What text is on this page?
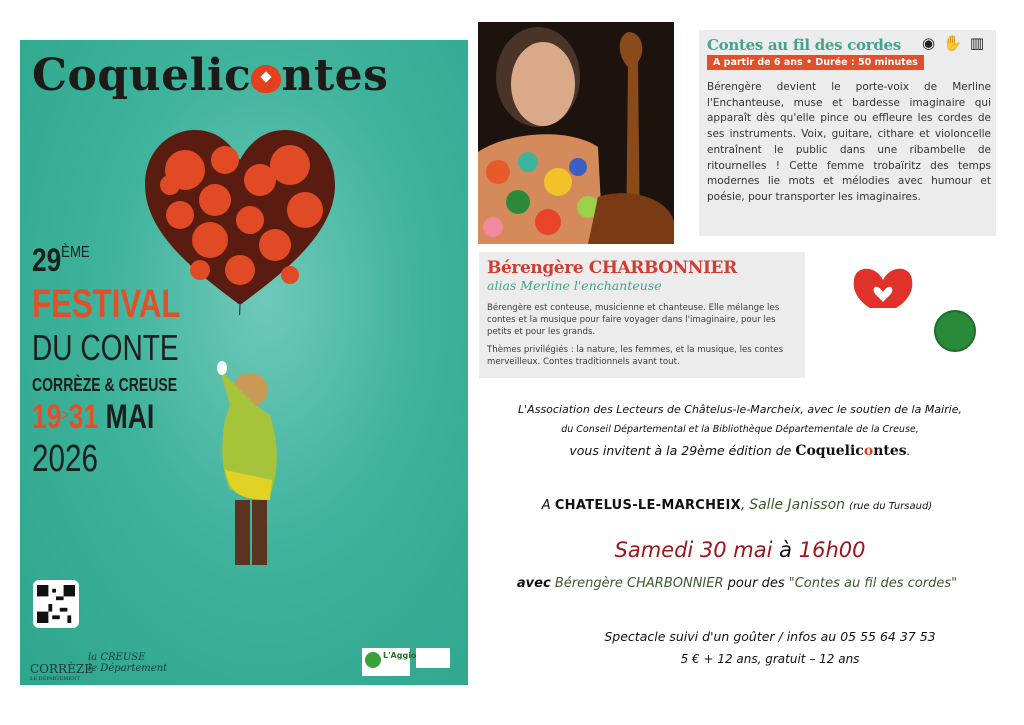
Coquelic ntes
29ÈME
FESTIVAL
DU CONTE
CORRÈZE & CREUSE
19>31 MAI
2026
CORRÈZE
LE DÉPARTEMENT
la CREUSE
le Département
L'Aggio
Contes au fil des cordes ◉ ✋ ▥
A partir de 6 ans • Durée : 50 minutes
Bérengère devient le porte-voix de Merline l'Enchanteuse, muse et bardesse imaginaire qui apparaît dès qu'elle pince ou effleure les cordes de ses instruments. Voix, guitare, cithare et violoncelle entraînent le public dans une ribambelle de ritournelles ! Cette femme trobaïritz des temps modernes lie mots et mélodies avec humour et poésie, pour transporter les imaginaires.
Bérengère CHARBONNIER
alias Merline l'enchanteuse
Bérengère est conteuse, musicienne et chanteuse. Elle mélange les contes et la musique pour faire voyager dans l'imaginaire, pour les petits et pour les grands.
Thèmes privilégiés : la nature, les femmes, et la musique, les contes merveilleux. Contes traditionnels avant tout.
L'Association des Lecteurs de Châtelus-le-Marcheix, avec le soutien de la Mairie,
du Conseil Départemental et la Bibliothèque Départementale de la Creuse,
vous invitent à la 29ème édition de Coquelicontes.
A CHATELUS-LE-MARCHEIX, Salle Janisson (rue du Tursaud)
Samedi 30 mai à 16h00
avec Bérengère CHARBONNIER pour des "Contes au fil des cordes"
Spectacle suivi d'un goûter / infos au 05 55 64 37 53
5 € + 12 ans, gratuit – 12 ans
